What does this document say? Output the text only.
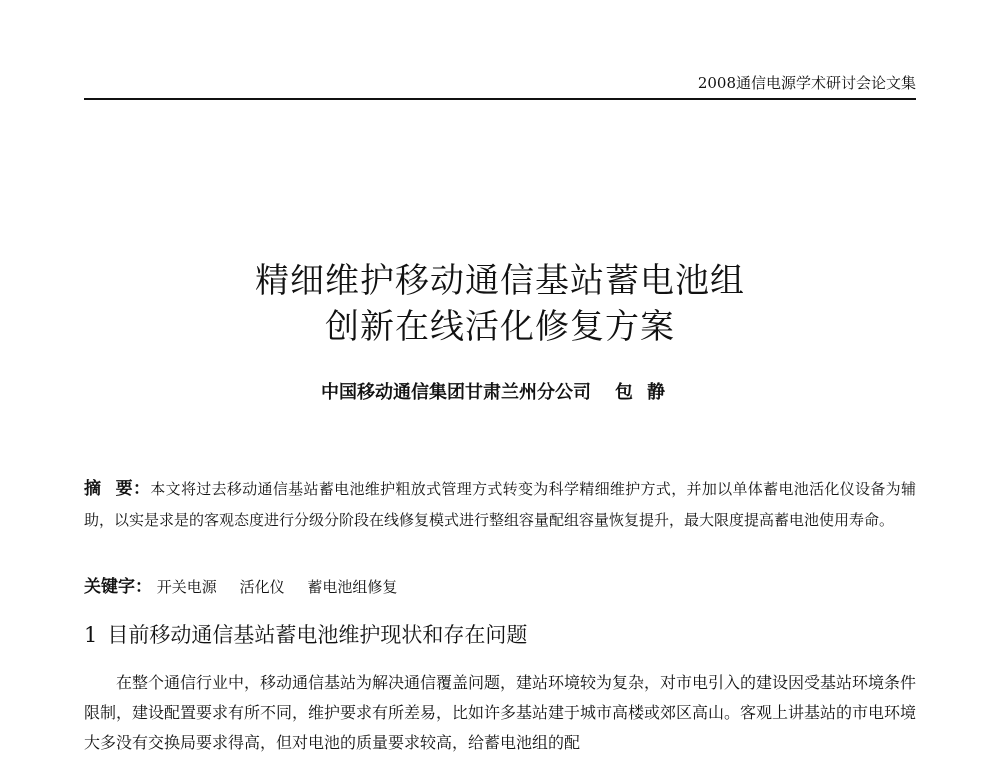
2008通信电源学术研讨会论文集
精细维护移动通信基站蓄电池组
创新在线活化修复方案
中国移动通信集团甘肃兰州分公司 包静
摘 要：本文将过去移动通信基站蓄电池维护粗放式管理方式转变为科学精细维护方式，并加以单体蓄电池活化仪设备为辅助，以实是求是的客观态度进行分级分阶段在线修复模式进行整组容量配组容量恢复提升，最大限度提高蓄电池使用寿命。
关键字： 开关电源 活化仪 蓄电池组修复
1 目前移动通信基站蓄电池维护现状和存在问题
在整个通信行业中，移动通信基站为解决通信覆盖问题，建站环境较为复杂，对市电引入的建设因受基站环境条件限制，建设配置要求有所不同，维护要求有所差易，比如许多基站建于城市高楼或郊区高山。客观上讲基站的市电环境大多没有交换局要求得高，但对电池的质量要求较高，给蓄电池组的配
